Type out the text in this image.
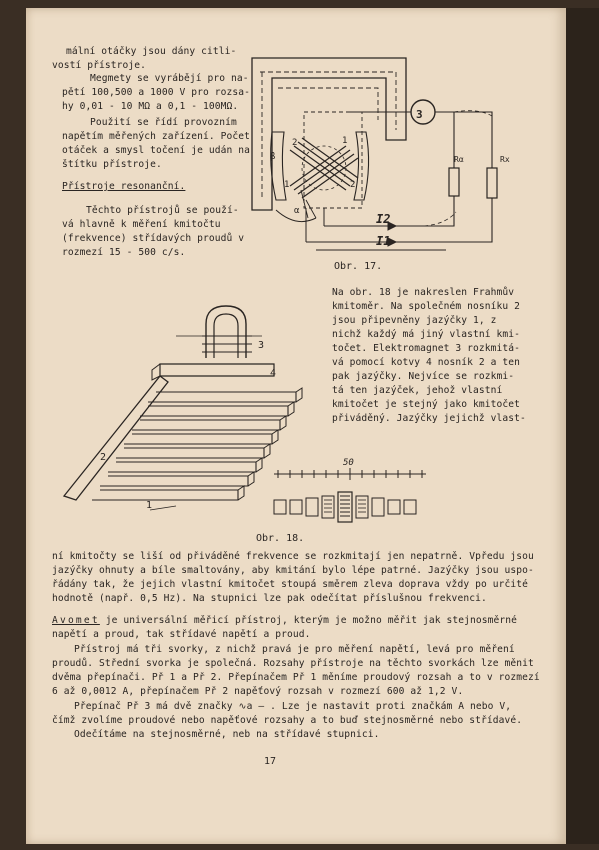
mální otáčky jsou dány citli-
vostí přístroje.
Megmety se vyrábějí pro na-
pětí 100,500 a 1000 V pro rozsa-
hy 0,01 - 10 MΩ a 0,1 - 100MΩ.
Použití se řídí provozním
napětím měřených zařízení. Počet
otáček a smysl točení je udán na
štítku přístroje.
Přístroje resonanční.
Těchto přístrojů se použí-
vá hlavně k měření kmitočtu
(frekvence) střídavých proudů v
rozmezí 15 - 500 c/s.
3
Rα	Rx
I2
I1
β
α
2	1
1	2
Obr. 17.
Na obr. 18 je nakreslen Frahmův
kmitoměr. Na společném nosníku 2
jsou připevněny jazýčky 1, z
nichž každý má jiný vlastní kmi-
točet. Elektromagnet 3 rozkmitá-
vá pomocí kotvy 4 nosník 2 a ten
pak jazýčky. Nejvíce se rozkmi-
tá ten jazýček, jehož vlastní
kmitočet je stejný jako kmitočet
přiváděný. Jazýčky jejichž vlast-
3
4
2
1
50
Obr. 18.
ní kmitočty se liší od přiváděné frekvence se rozkmitají jen nepatrně. Vpředu jsou
jazýčky ohnuty a bíle smaltovány, aby kmitání bylo lépe patrné. Jazýčky jsou uspo-
řádány tak, že jejich vlastní kmitočet stoupá směrem zleva doprava vždy po určité
hodnotě (např. 0,5 Hz). Na stupnici lze pak odečítat příslušnou frekvenci.
Avomet je universální měřicí přístroj, kterým je možno měřit jak stejnosměrné
napětí a proud, tak střídavé napětí a proud.
Přístroj má tři svorky, z nichž pravá je pro měření napětí, levá pro měření
proudů. Střední svorka je společná. Rozsahy přístroje na těchto svorkách lze měnit
dvěma přepínači. Př 1 a Př 2. Přepínačem Př 1 měníme proudový rozsah a to v rozmezí
6 až 0,0012 A, přepínačem Př 2 napěťový rozsah v rozmezí 600 až 1,2 V.
Přepínač Př 3 má dvě značky ∿a — . Lze je nastavit proti značkám A nebo V,
čímž zvolíme proudové nebo napěťové rozsahy a to buď stejnosměrné nebo střídavé.
Odečítáme na stejnosměrné, neb na střídavé stupnici.
17
